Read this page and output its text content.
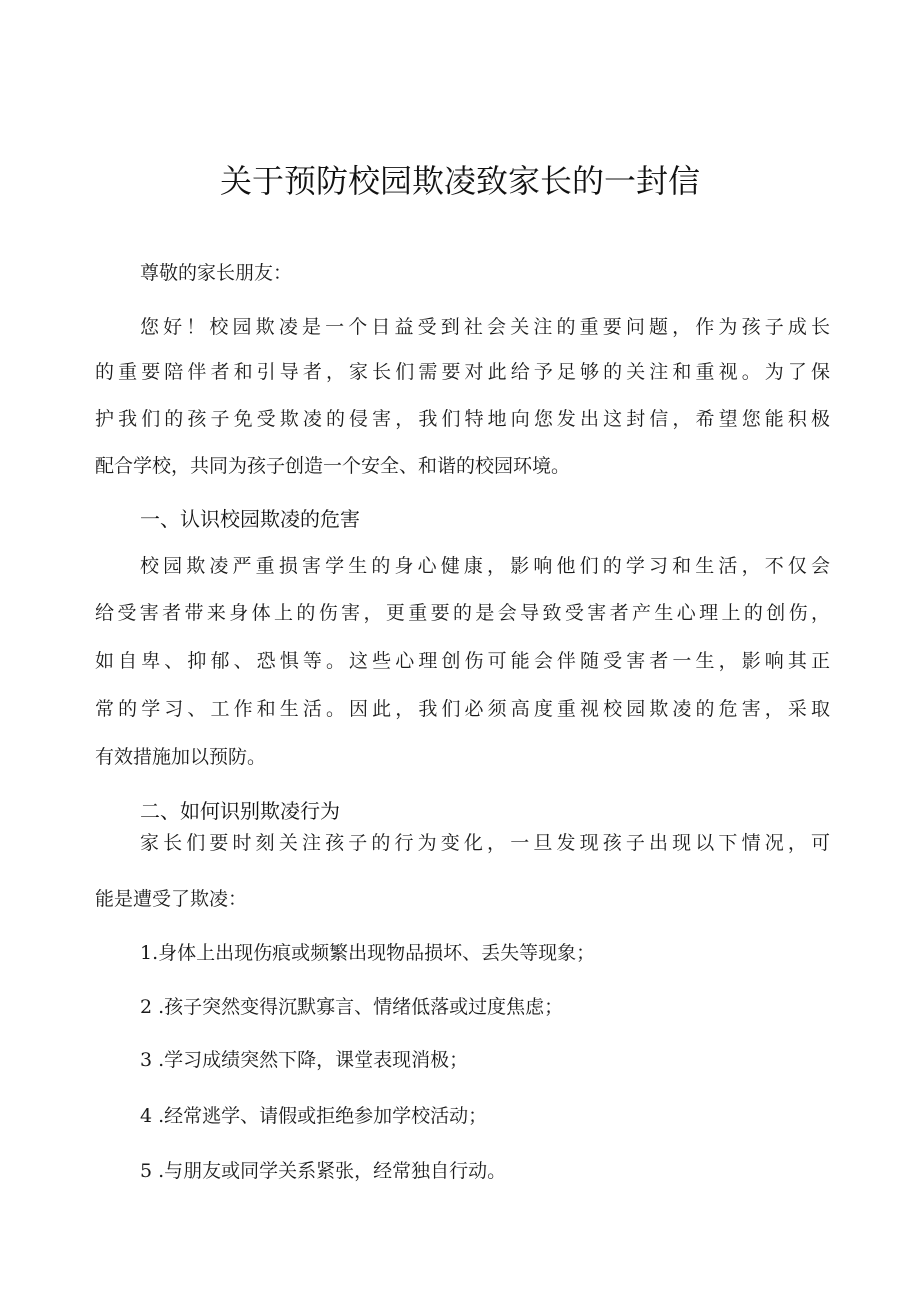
关于预防校园欺凌致家长的一封信
尊敬的家长朋友：
您好！校园欺凌是一个日益受到社会关注的重要问题，作为孩子成长
的重要陪伴者和引导者，家长们需要对此给予足够的关注和重视。为了保
护我们的孩子免受欺凌的侵害，我们特地向您发出这封信，希望您能积极
配合学校，共同为孩子创造一个安全、和谐的校园环境。
一、认识校园欺凌的危害
校园欺凌严重损害学生的身心健康，影响他们的学习和生活，不仅会
给受害者带来身体上的伤害，更重要的是会导致受害者产生心理上的创伤，
如自卑、抑郁、恐惧等。这些心理创伤可能会伴随受害者一生，影响其正
常的学习、工作和生活。因此，我们必须高度重视校园欺凌的危害，采取
有效措施加以预防。
二、如何识别欺凌行为
家长们要时刻关注孩子的行为变化，一旦发现孩子出现以下情况，可
能是遭受了欺凌：
1.身体上出现伤痕或频繁出现物品损坏、丢失等现象；
2 .孩子突然变得沉默寡言、情绪低落或过度焦虑；
3 .学习成绩突然下降，课堂表现消极；
4 .经常逃学、请假或拒绝参加学校活动；
5 .与朋友或同学关系紧张，经常独自行动。
